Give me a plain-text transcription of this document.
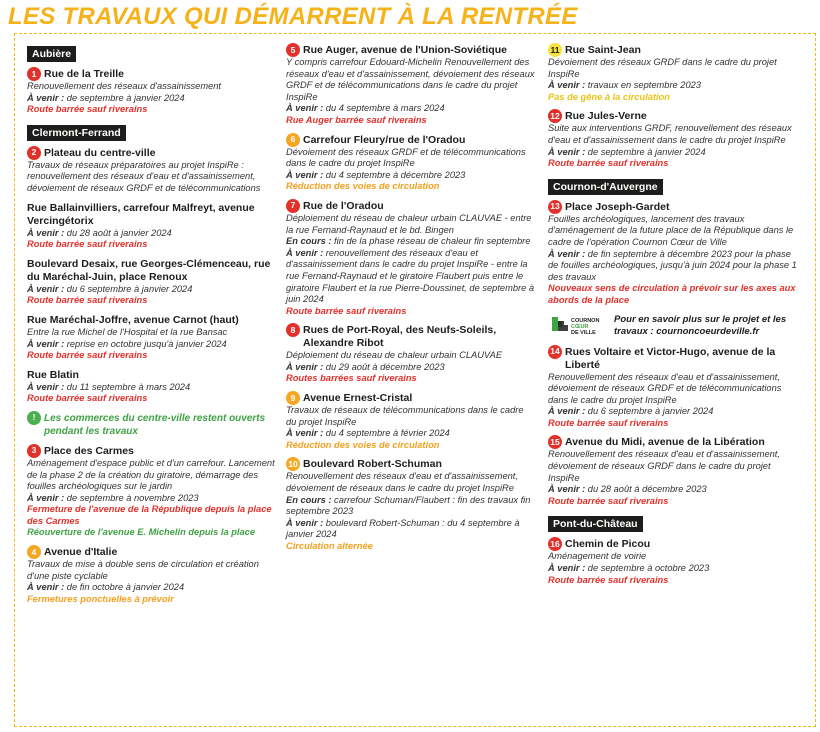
LES TRAVAUX QUI DÉMARRENT À LA RENTRÉE
Aubière
1 Rue de la Treille
Renouvellement des réseaux d'assainissement
À venir : de septembre à janvier 2024
Route barrée sauf riverains
Clermont-Ferrand
2 Plateau du centre-ville
Travaux de réseaux préparatoires au projet InspiRe : renouvellement des réseaux d'eau et d'assainissement, dévoiement de réseaux GRDF et de télécommunications
Rue Ballainvilliers, carrefour Malfreyt, avenue Vercingétorix
À venir : du 28 août à janvier 2024
Route barrée sauf riverains
Boulevard Desaix, rue Georges-Clémenceau, rue du Maréchal-Juin, place Renoux
À venir : du 6 septembre à janvier 2024
Route barrée sauf riverains
Rue Maréchal-Joffre, avenue Carnot (haut)
Entre la rue Michel de l'Hospital et la rue Bansac
À venir : reprise en octobre jusqu'à janvier 2024
Route barrée sauf riverains
Rue Blatin
À venir : du 11 septembre à mars 2024
Route barrée sauf riverains
! Les commerces du centre-ville restent ouverts pendant les travaux
3 Place des Carmes
Aménagement d'espace public et d'un carrefour. Lancement de la phase 2 de la création du giratoire, démarrage des fouilles archéologiques sur le jardin
À venir : de septembre à novembre 2023
Fermeture de l'avenue de la République depuis la place des Carmes
Réouverture de l'avenue E. Michelin depuis la place
4 Avenue d'Italie
Travaux de mise à double sens de circulation et création d'une piste cyclable
À venir : de fin octobre à janvier 2024
Fermetures ponctuelles à prévoir
5 Rue Auger, avenue de l'Union-Soviétique
Y compris carrefour Edouard-Michelin Renouvellement des réseaux d'eau et d'assainissement, dévoiement des réseaux GRDF et de télécommunications dans le cadre du projet InspiRe
À venir : du 4 septembre à mars 2024
Rue Auger barrée sauf riverains
6 Carrefour Fleury/rue de l'Oradou
Dévoiement des réseaux GRDF et de télécommunications dans le cadre du projet InspiRe
À venir : du 4 septembre à décembre 2023
Réduction des voies de circulation
7 Rue de l'Oradou
Déploiement du réseau de chaleur urbain CLAUVAE - entre la rue Fernand-Raynaud et le bd. Bingen
En cours : fin de la phase réseau de chaleur fin septembre
À venir : renouvellement des réseaux d'eau et d'assainissement dans le cadre du projet InspiRe - entre la rue Fernand-Raynaud et le giratoire Flaubert puis entre le giratoire Flaubert et la rue Pierre-Doussinet, de septembre à juin 2024
Route barrée sauf riverains
8 Rues de Port-Royal, des Neufs-Soleils, Alexandre Ribot
Déploiement du réseau de chaleur urbain CLAUVAE
À venir : du 29 août à décembre 2023
Routes barrées sauf riverains
9 Avenue Ernest-Cristal
Travaux de réseaux de télécommunications dans le cadre du projet InspiRe
À venir : du 4 septembre à février 2024
Réduction des voies de circulation
10 Boulevard Robert-Schuman
Renouvellement des réseaux d'eau et d'assainissement, dévoiement de réseaux dans le cadre du projet InspiRe
En cours : carrefour Schuman/Flaubert : fin des travaux fin septembre 2023
À venir : boulevard Robert-Schuman : du 4 septembre à janvier 2024
Circulation alternée
11 Rue Saint-Jean
Dévoiement des réseaux GRDF dans le cadre du projet InspiRe
À venir : travaux en septembre 2023
Pas de gêne à la circulation
12 Rue Jules-Verne
Suite aux interventions GRDF, renouvellement des réseaux d'eau et d'assainissement dans le cadre du projet InspiRe
À venir : de septembre à janvier 2024
Route barrée sauf riverains
Cournon-d'Auvergne
13 Place Joseph-Gardet
Fouilles archéologiques, lancement des travaux d'aménagement de la future place de la République dans le cadre de l'opération Cournon Cœur de Ville
À venir : de fin septembre à décembre 2023 pour la phase de fouilles archéologiques, jusqu'à juin 2024 pour la phase 1 des travaux
Nouveaux sens de circulation à prévoir sur les axes aux abords de la place
COURNON
CŒUR
DE VILLE
Pour en savoir plus sur le projet et les travaux : cournoncoeurdeville.fr
14 Rues Voltaire et Victor-Hugo, avenue de la Liberté
Renouvellement des réseaux d'eau et d'assainissement, dévoiement de réseaux GRDF et de télécommunications dans le cadre du projet InspiRe
À venir : du 6 septembre à janvier 2024
Route barrée sauf riverains
15 Avenue du Midi, avenue de la Libération
Renouvellement des réseaux d'eau et d'assainissement, dévoiement de réseaux GRDF dans le cadre du projet InspiRe
À venir : du 28 août à décembre 2023
Route barrée sauf riverains
Pont-du-Château
16 Chemin de Picou
Aménagement de voirie
À venir : de septembre à octobre 2023
Route barrée sauf riverains
